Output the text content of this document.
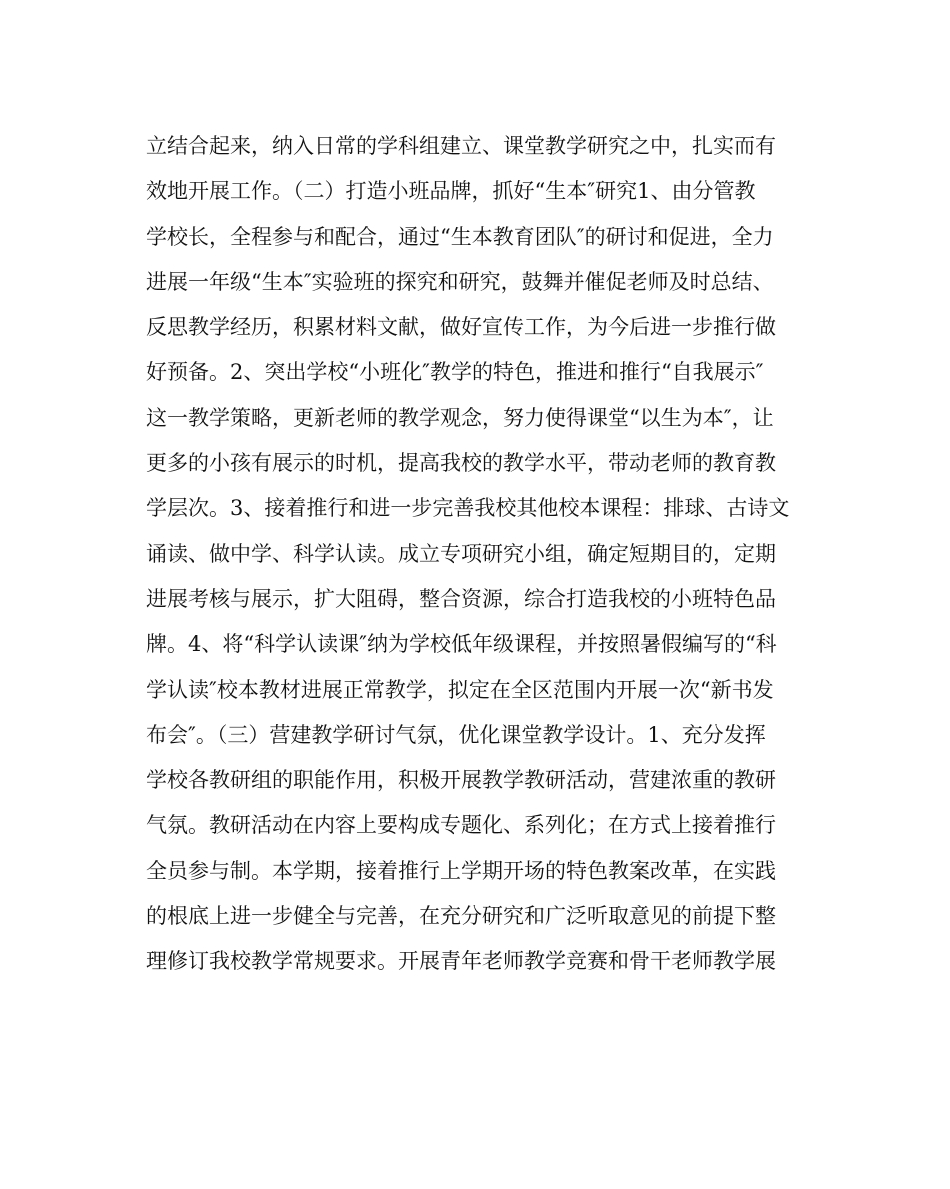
立结合起来，纳入日常的学科组建立、课堂教学研究之中，扎实而有
效地开展工作。（二）打造小班品牌，抓好“生本″研究1、由分管教
学校长，全程参与和配合，通过“生本教育团队″的研讨和促进，全力
进展一年级“生本″实验班的探究和研究，鼓舞并催促老师及时总结、
反思教学经历，积累材料文献，做好宣传工作，为今后进一步推行做
好预备。2、突出学校“小班化″教学的特色，推进和推行“自我展示″
这一教学策略，更新老师的教学观念，努力使得课堂“以生为本″，让
更多的小孩有展示的时机，提高我校的教学水平，带动老师的教育教
学层次。3、接着推行和进一步完善我校其他校本课程：排球、古诗文
诵读、做中学、科学认读。成立专项研究小组，确定短期目的，定期
进展考核与展示，扩大阻碍，整合资源，综合打造我校的小班特色品
牌。4、将“科学认读课″纳为学校低年级课程，并按照暑假编写的“科
学认读″校本教材进展正常教学，拟定在全区范围内开展一次“新书发
布会″。（三）营建教学研讨气氛，优化课堂教学设计。1、充分发挥
学校各教研组的职能作用，积极开展教学教研活动，营建浓重的教研
气氛。教研活动在内容上要构成专题化、系列化；在方式上接着推行
全员参与制。本学期，接着推行上学期开场的特色教案改革，在实践
的根底上进一步健全与完善，在充分研究和广泛听取意见的前提下整
理修订我校教学常规要求。开展青年老师教学竞赛和骨干老师教学展
